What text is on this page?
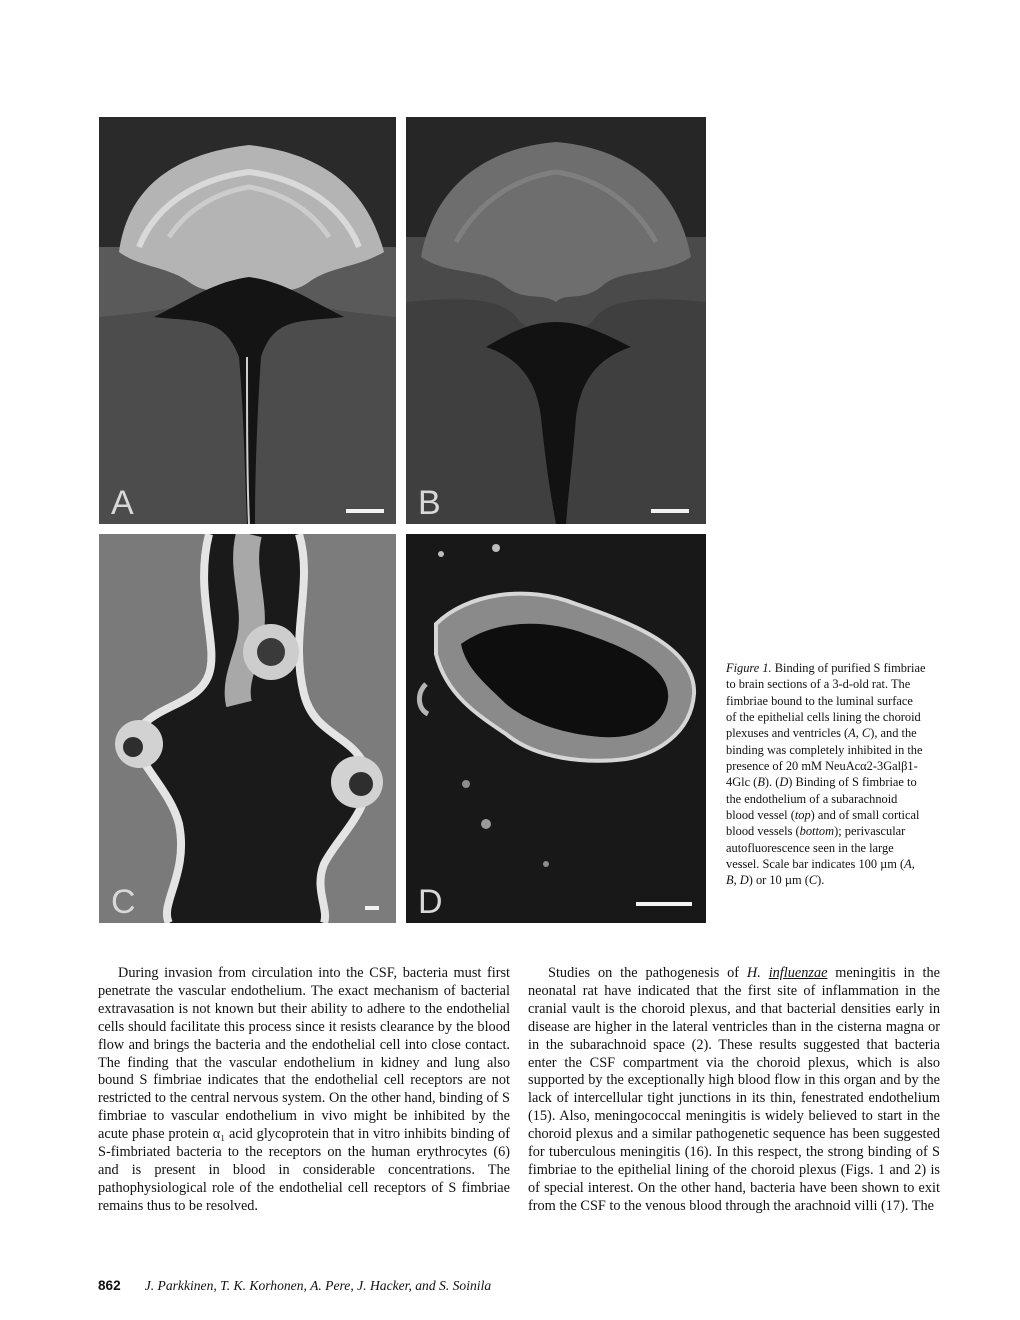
A	B
C	D
Figure 1. Binding of purified S fimbriae to brain sections of a 3-d-old rat. The fimbriae bound to the luminal surface of the epithelial cells lining the choroid plexuses and ventricles (A, C), and the binding was completely inhibited in the presence of 20 mM NeuAcα2-3Galβ1-4Glc (B). (D) Binding of S fimbriae to the endothelium of a subarachnoid blood vessel (top) and of small cortical blood vessels (bottom); perivascular autofluorescence seen in the large vessel. Scale bar indicates 100 µm (A, B, D) or 10 µm (C).

During invasion from circulation into the CSF, bacteria must first penetrate the vascular endothelium. The exact mechanism of bacterial extravasation is not known but their ability to adhere to the endothelial cells should facilitate this process since it resists clearance by the blood flow and brings the bacteria and the endothelial cell into close contact. The finding that the vascular endothelium in kidney and lung also bound S fimbriae indicates that the endothelial cell receptors are not restricted to the central nervous system. On the other hand, binding of S fimbriae to vascular endothelium in vivo might be inhibited by the acute phase protein α₁ acid glycoprotein that in vitro inhibits binding of S-fimbriated bacteria to the receptors on the human erythrocytes (6) and is present in blood in considerable concentrations. The pathophysiological role of the endothelial cell receptors of S fimbriae remains thus to be resolved.

Studies on the pathogenesis of H. influenzae meningitis in the neonatal rat have indicated that the first site of inflammation in the cranial vault is the choroid plexus, and that bacterial densities early in disease are higher in the lateral ventricles than in the cisterna magna or in the subarachnoid space (2). These results suggested that bacteria enter the CSF compartment via the choroid plexus, which is also supported by the exceptionally high blood flow in this organ and by the lack of intercellular tight junctions in its thin, fenestrated endothelium (15). Also, meningococcal meningitis is widely believed to start in the choroid plexus and a similar pathogenetic sequence has been suggested for tuberculous meningitis (16). In this respect, the strong binding of S fimbriae to the epithelial lining of the choroid plexus (Figs. 1 and 2) is of special interest. On the other hand, bacteria have been shown to exit from the CSF to the venous blood through the arachnoid villi (17). The

862 J. Parkkinen, T. K. Korhonen, A. Pere, J. Hacker, and S. Soinila
